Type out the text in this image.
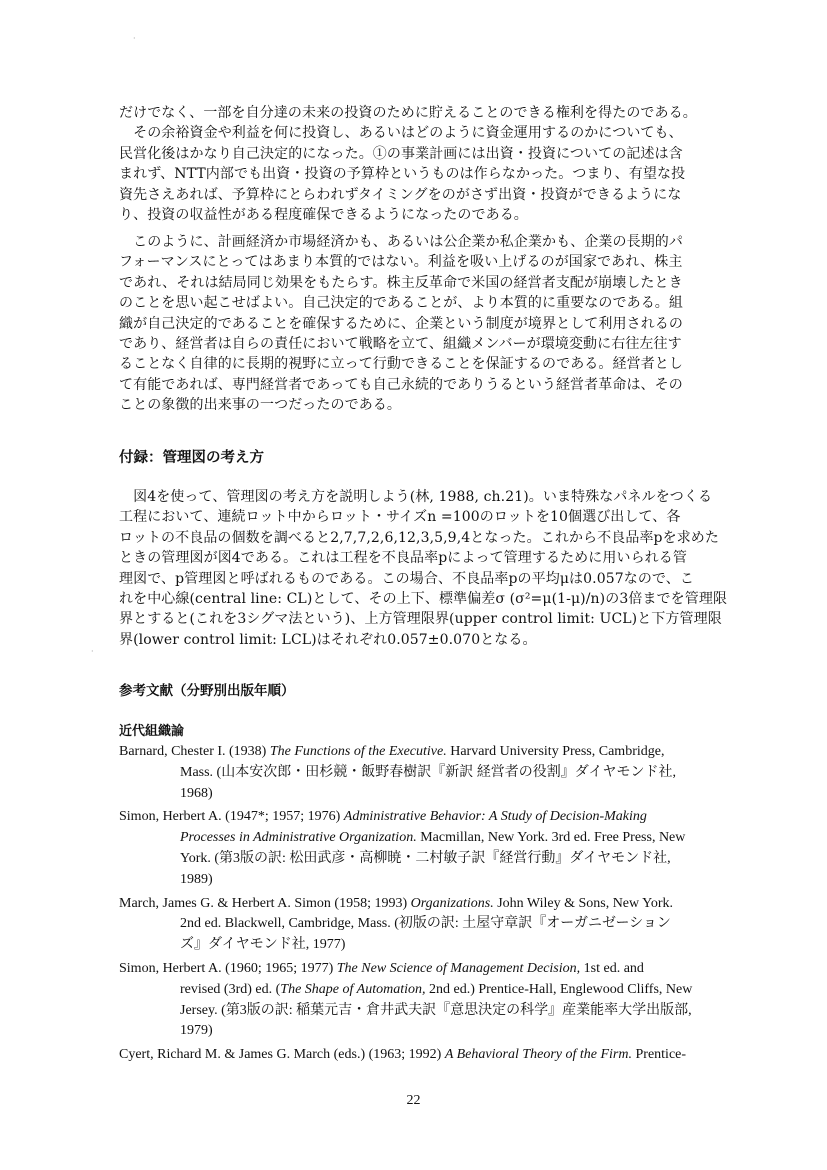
·
·
だけでなく、一部を自分達の未来の投資のために貯えることのできる権利を得たのである。
　その余裕資金や利益を何に投資し、あるいはどのように資金運用するのかについても、
民営化後はかなり自己決定的になった。①の事業計画には出資・投資についての記述は含
まれず、NTT内部でも出資・投資の予算枠というものは作らなかった。つまり、有望な投
資先さえあれば、予算枠にとらわれずタイミングをのがさず出資・投資ができるようにな
り、投資の収益性がある程度確保できるようになったのである。
　このように、計画経済か市場経済かも、あるいは公企業か私企業かも、企業の長期的パ
フォーマンスにとってはあまり本質的ではない。利益を吸い上げるのが国家であれ、株主
であれ、それは結局同じ効果をもたらす。株主反革命で米国の経営者支配が崩壊したとき
のことを思い起こせばよい。自己決定的であることが、より本質的に重要なのである。組
織が自己決定的であることを確保するために、企業という制度が境界として利用されるの
であり、経営者は自らの責任において戦略を立て、組織メンバーが環境変動に右往左往す
ることなく自律的に長期的視野に立って行動できることを保証するのである。経営者とし
て有能であれば、専門経営者であっても自己永続的でありうるという経営者革命は、その
ことの象徴的出来事の一つだったのである。
付録：管理図の考え方
　図4を使って、管理図の考え方を説明しよう(林, 1988, ch.21)。いま特殊なパネルをつくる
工程において、連続ロット中からロット・サイズn =100のロットを10個選び出して、各
ロットの不良品の個数を調べると2,7,7,2,6,12,3,5,9,4となった。これから不良品率pを求めた
ときの管理図が図4である。これは工程を不良品率pによって管理するために用いられる管
理図で、p管理図と呼ばれるものである。この場合、不良品率pの平均μは0.057なので、こ
れを中心線(central line: CL)として、その上下、標準偏差σ (σ²=μ(1-μ)/n)の3倍までを管理限
界とすると(これを3シグマ法という)、上方管理限界(upper control limit: UCL)と下方管理限
界(lower control limit: LCL)はそれぞれ0.057±0.070となる。
参考文献（分野別出版年順）
近代組織論

Barnard, Chester I. (1938) The Functions of the Executive. Harvard University Press, Cambridge,
Mass. (山本安次郎・田杉競・飯野春樹訳『新訳 経営者の役割』ダイヤモンド社,
1968)

Simon, Herbert A. (1947*; 1957; 1976) Administrative Behavior: A Study of Decision-Making
Processes in Administrative Organization. Macmillan, New York. 3rd ed. Free Press, New
York. (第3版の訳: 松田武彦・高柳暁・二村敏子訳『経営行動』ダイヤモンド社,
1989)

March, James G. & Herbert A. Simon (1958; 1993) Organizations. John Wiley & Sons, New York.
2nd ed. Blackwell, Cambridge, Mass. (初版の訳: 土屋守章訳『オーガニゼーション
ズ』ダイヤモンド社, 1977)

Simon, Herbert A. (1960; 1965; 1977) The New Science of Management Decision, 1st ed. and
revised (3rd) ed. (The Shape of Automation, 2nd ed.) Prentice-Hall, Englewood Cliffs, New
Jersey. (第3版の訳: 稲葉元吉・倉井武夫訳『意思決定の科学』産業能率大学出版部,
1979)

Cyert, Richard M. & James G. March (eds.) (1963; 1992) A Behavioral Theory of the Firm. Prentice-

22
